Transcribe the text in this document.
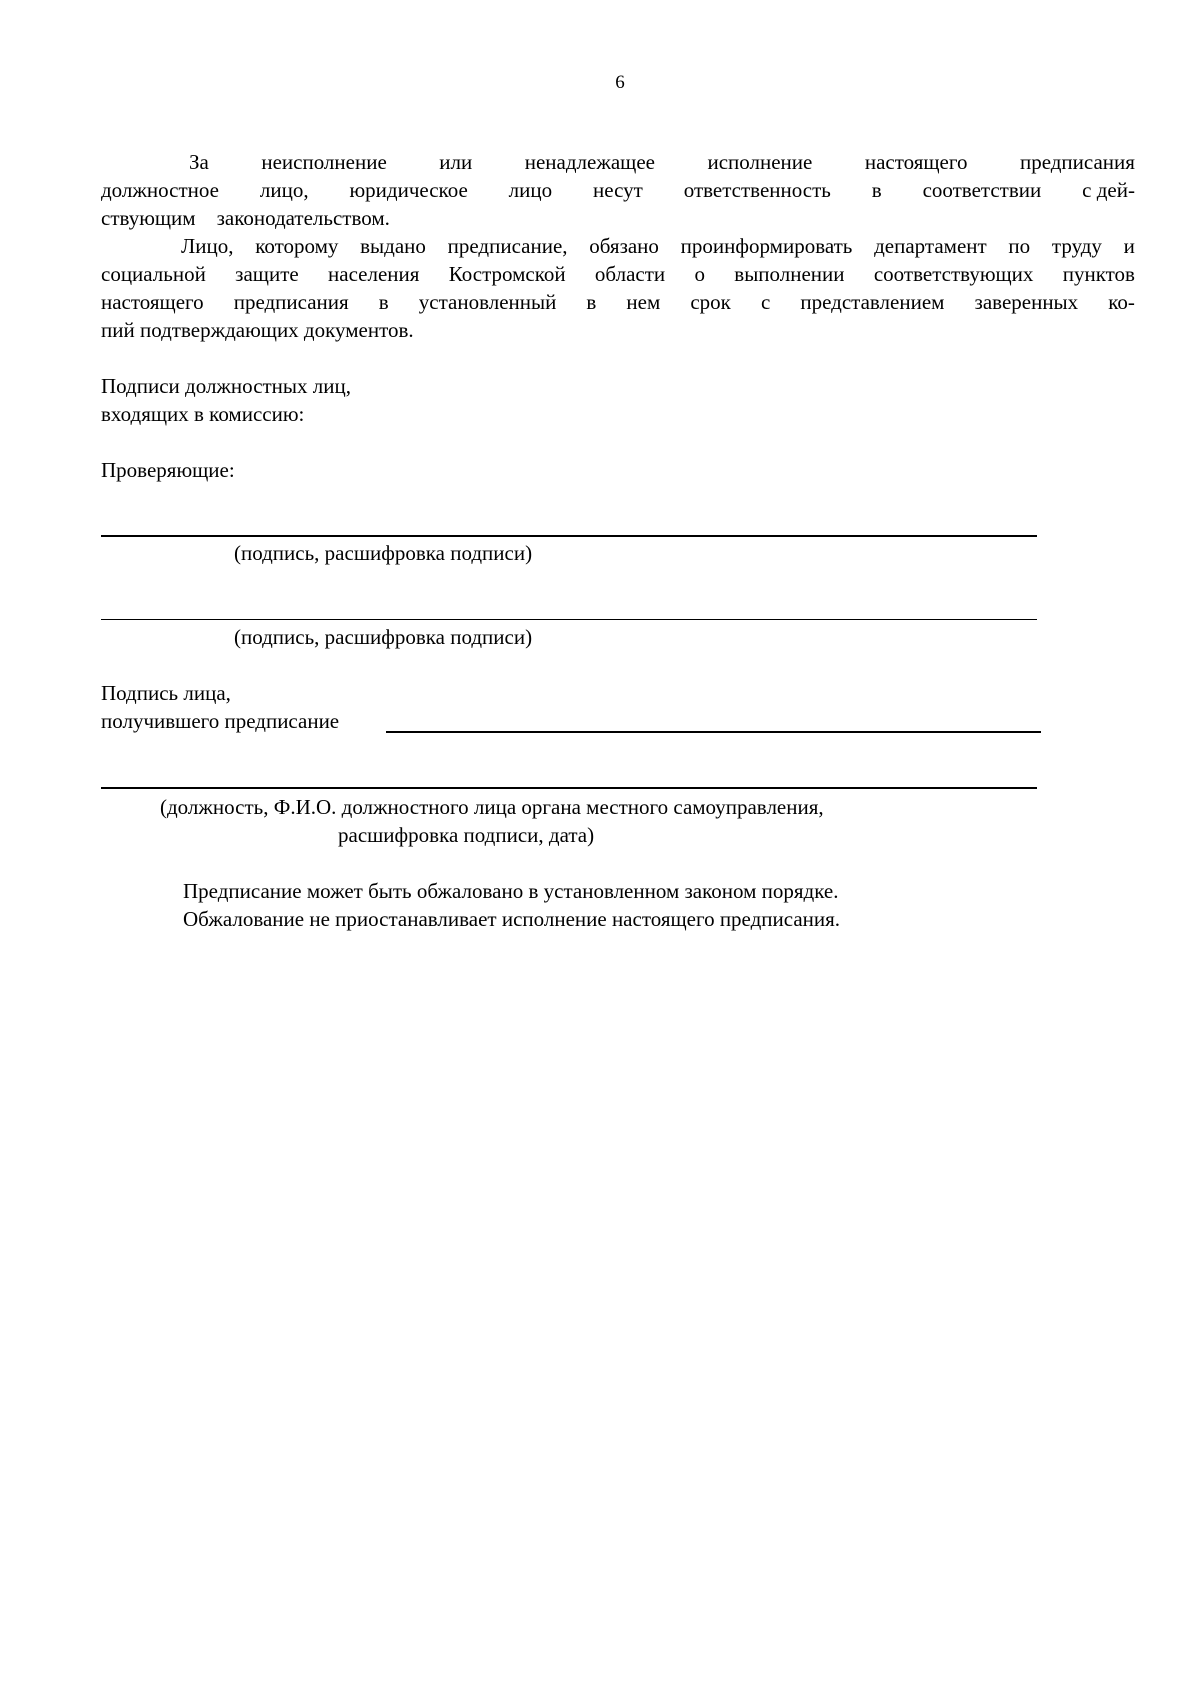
6
За	неисполнение	или	ненадлежащее	исполнение	настоящего	предписания
должностное лицо, юридическое лицо несут ответственность в соответствии с дей-
ствующим    законодательством.
Лицо, которому выдано предписание, обязано проинформировать департамент по труду и
социальной защите населения Костромской области о выполнении соответствующих пунктов
настоящего предписания в установленный в нем срок с представлением заверенных ко-
пий подтверждающих документов.
Подписи должностных лиц,
входящих в комиссию:
Проверяющие:
(подпись, расшифровка подписи)
(подпись, расшифровка подписи)
Подпись лица,
получившего предписание
(должность, Ф.И.О. должностного лица органа местного самоуправления,
расшифровка подписи, дата)
Предписание может быть обжаловано в установленном законом порядке.
Обжалование не приостанавливает исполнение настоящего предписания.
